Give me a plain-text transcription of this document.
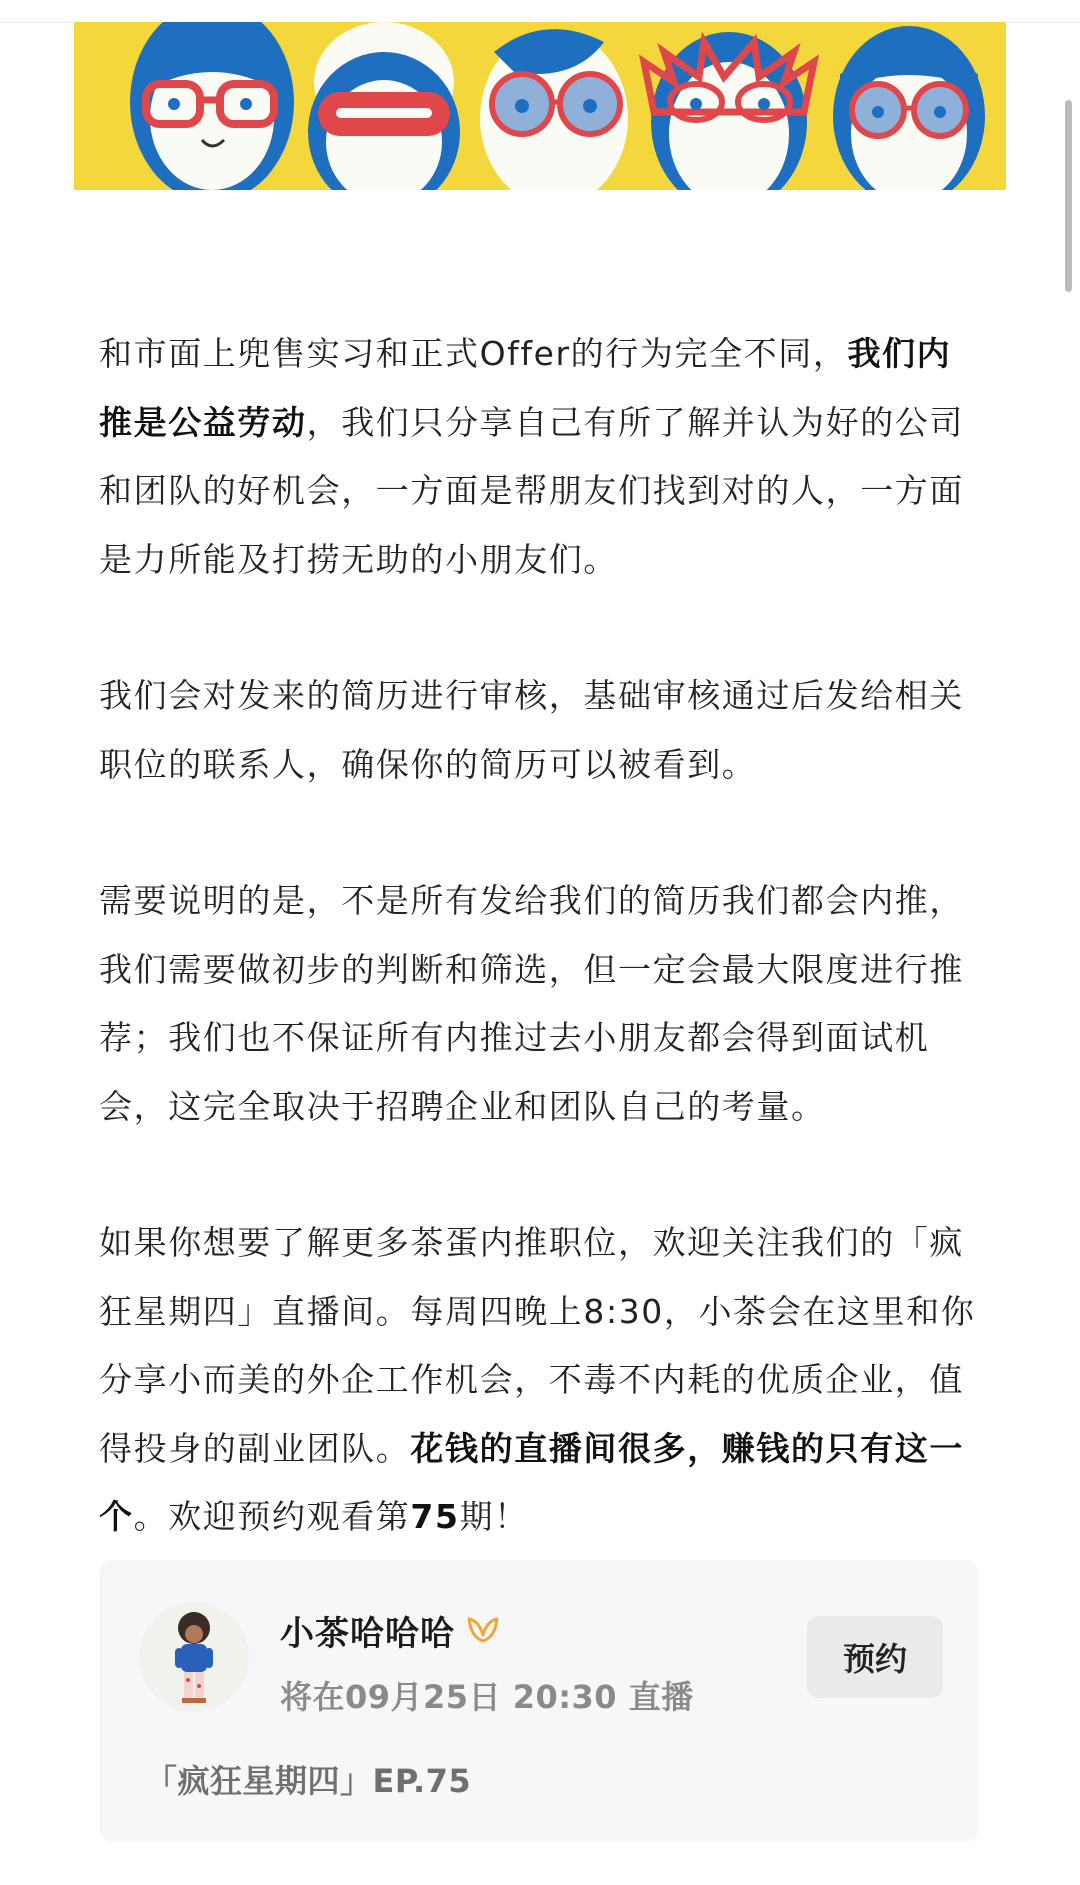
和市面上兜售实习和正式Offer的行为完全不同，我们内推是公益劳动，我们只分享自己有所了解并认为好的公司和团队的好机会，一方面是帮朋友们找到对的人，一方面是力所能及打捞无助的小朋友们。

我们会对发来的简历进行审核，基础审核通过后发给相关职位的联系人，确保你的简历可以被看到。

需要说明的是，不是所有发给我们的简历我们都会内推，我们需要做初步的判断和筛选，但一定会最大限度进行推荐；我们也不保证所有内推过去小朋友都会得到面试机会，这完全取决于招聘企业和团队自己的考量。

如果你想要了解更多茶蛋内推职位，欢迎关注我们的「疯狂星期四」直播间。每周四晚上8:30，小茶会在这里和你分享小而美的外企工作机会，不毒不内耗的优质企业，值得投身的副业团队。花钱的直播间很多，赚钱的只有这一个。欢迎预约观看第75期！

小茶哈哈哈
将在09月25日 20:30 直播
预约
「疯狂星期四」EP.75
